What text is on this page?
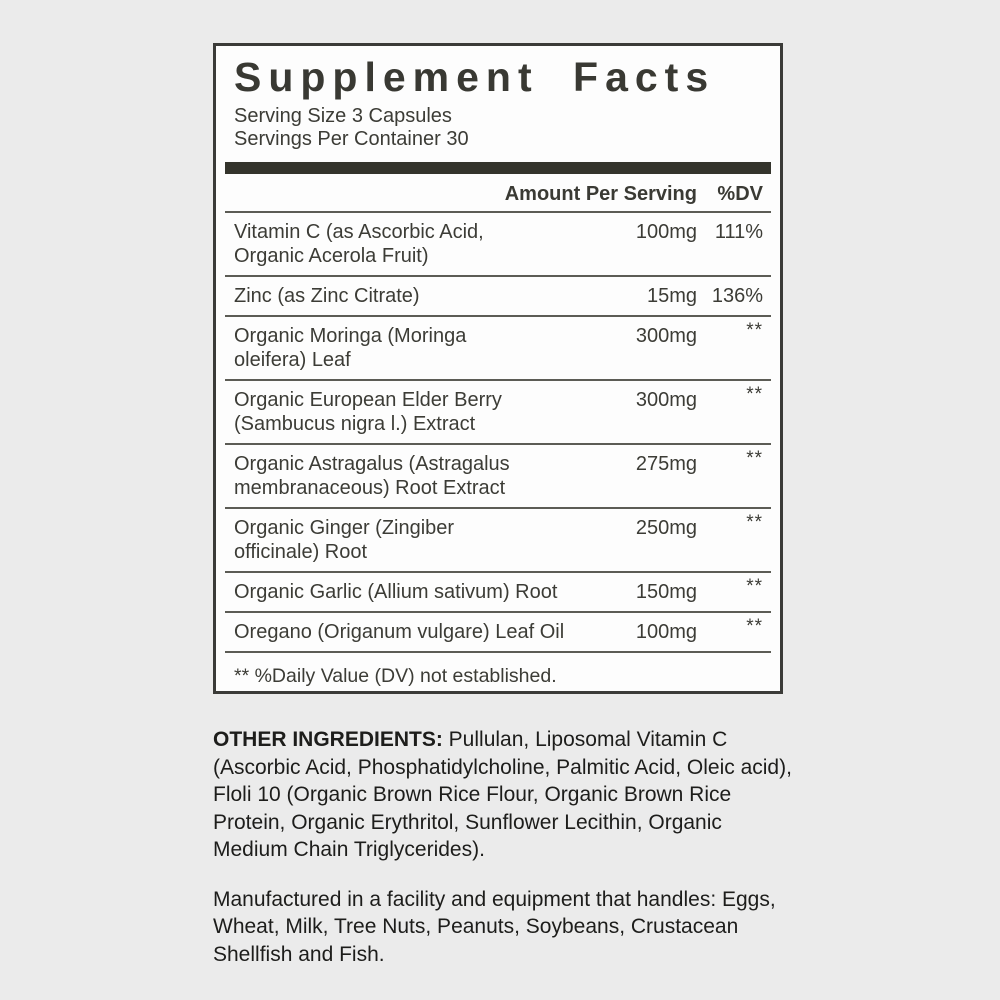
Supplement Facts
Serving Size 3 Capsules
Servings Per Container 30
Amount Per Serving	%DV
Vitamin C (as Ascorbic Acid,
Organic Acerola Fruit)
100mg 111%
Zinc (as Zinc Citrate)	15mg 136%
Organic Moringa (Moringa
oleifera) Leaf
300mg	**
Organic European Elder Berry
(Sambucus nigra l.) Extract
300mg	**
Organic Astragalus (Astragalus
membranaceous) Root Extract
275mg	**
Organic Ginger (Zingiber
officinale) Root
250mg	**
Organic Garlic (Allium sativum) Root	150mg	**
Oregano (Origanum vulgare) Leaf Oil	100mg	**
** %Daily Value (DV) not established.

OTHER INGREDIENTS: Pullulan, Liposomal Vitamin C (Ascorbic Acid, Phosphatidylcholine, Palmitic Acid, Oleic acid), Floli 10 (Organic Brown Rice Flour, Organic Brown Rice Protein, Organic Erythritol, Sunflower Lecithin, Organic Medium Chain Triglycerides).

Manufactured in a facility and equipment that handles: Eggs, Wheat, Milk, Tree Nuts, Peanuts, Soybeans, Crustacean Shellfish and Fish.
